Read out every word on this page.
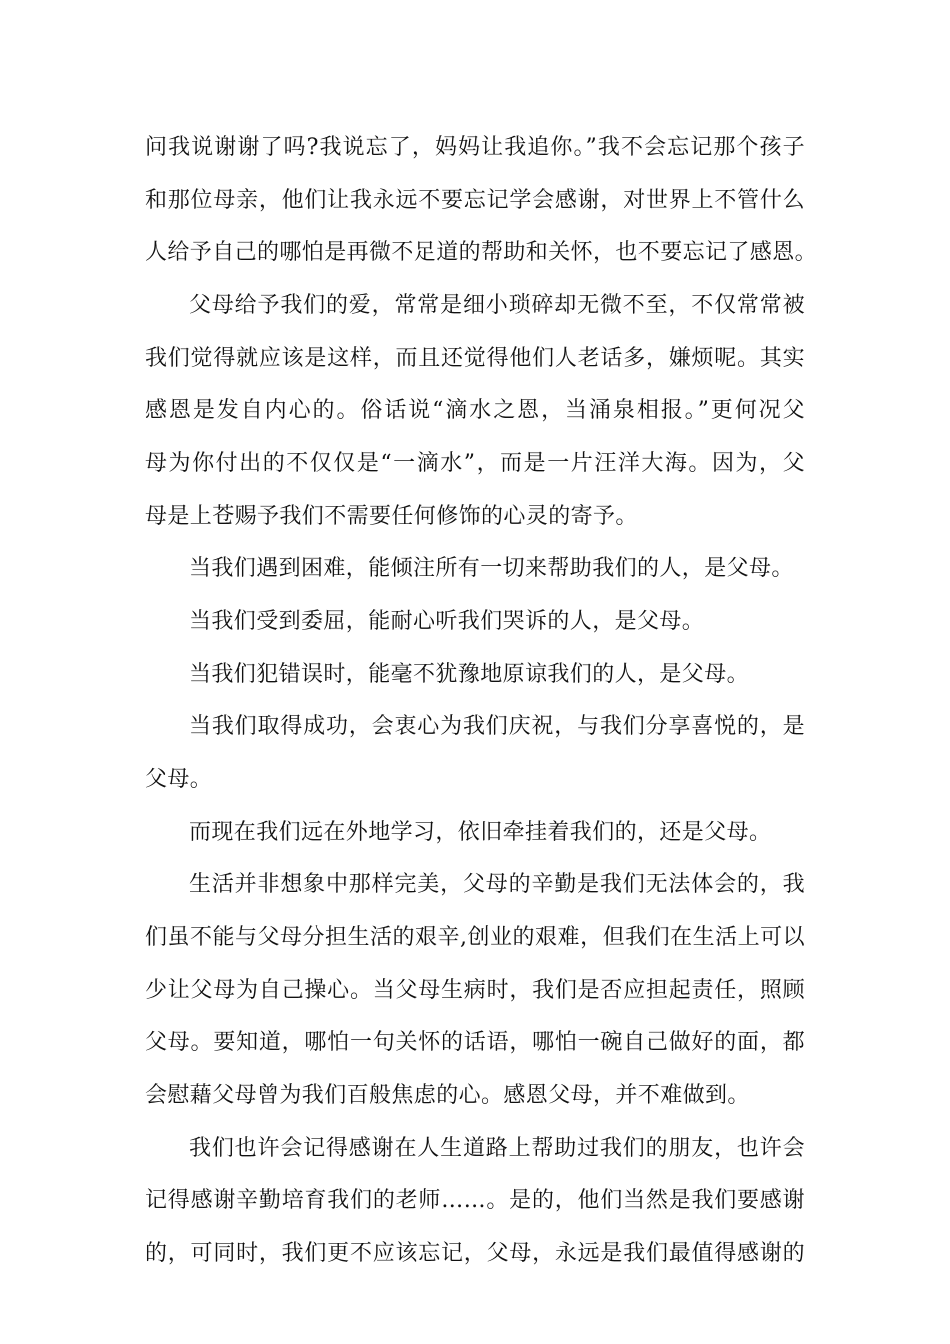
问我说谢谢了吗?我说忘了，妈妈让我追你。”我不会忘记那个孩子
和那位母亲，他们让我永远不要忘记学会感谢，对世界上不管什么
人给予自己的哪怕是再微不足道的帮助和关怀，也不要忘记了感恩。
父母给予我们的爱，常常是细小琐碎却无微不至，不仅常常被
我们觉得就应该是这样，而且还觉得他们人老话多，嫌烦呢。其实
感恩是发自内心的。俗话说“滴水之恩，当涌泉相报。”更何况父
母为你付出的不仅仅是“一滴水”，而是一片汪洋大海。因为，父
母是上苍赐予我们不需要任何修饰的心灵的寄予。
当我们遇到困难，能倾注所有一切来帮助我们的人，是父母。
当我们受到委屈，能耐心听我们哭诉的人，是父母。
当我们犯错误时，能毫不犹豫地原谅我们的人，是父母。
当我们取得成功，会衷心为我们庆祝，与我们分享喜悦的，是
父母。
而现在我们远在外地学习，依旧牵挂着我们的，还是父母。
生活并非想象中那样完美，父母的辛勤是我们无法体会的，我
们虽不能与父母分担生活的艰辛,创业的艰难，但我们在生活上可以
少让父母为自己操心。当父母生病时，我们是否应担起责任，照顾
父母。要知道，哪怕一句关怀的话语，哪怕一碗自己做好的面，都
会慰藉父母曾为我们百般焦虑的心。感恩父母，并不难做到。
我们也许会记得感谢在人生道路上帮助过我们的朋友，也许会
记得感谢辛勤培育我们的老师……。是的，他们当然是我们要感谢
的，可同时，我们更不应该忘记，父母，永远是我们最值得感谢的
